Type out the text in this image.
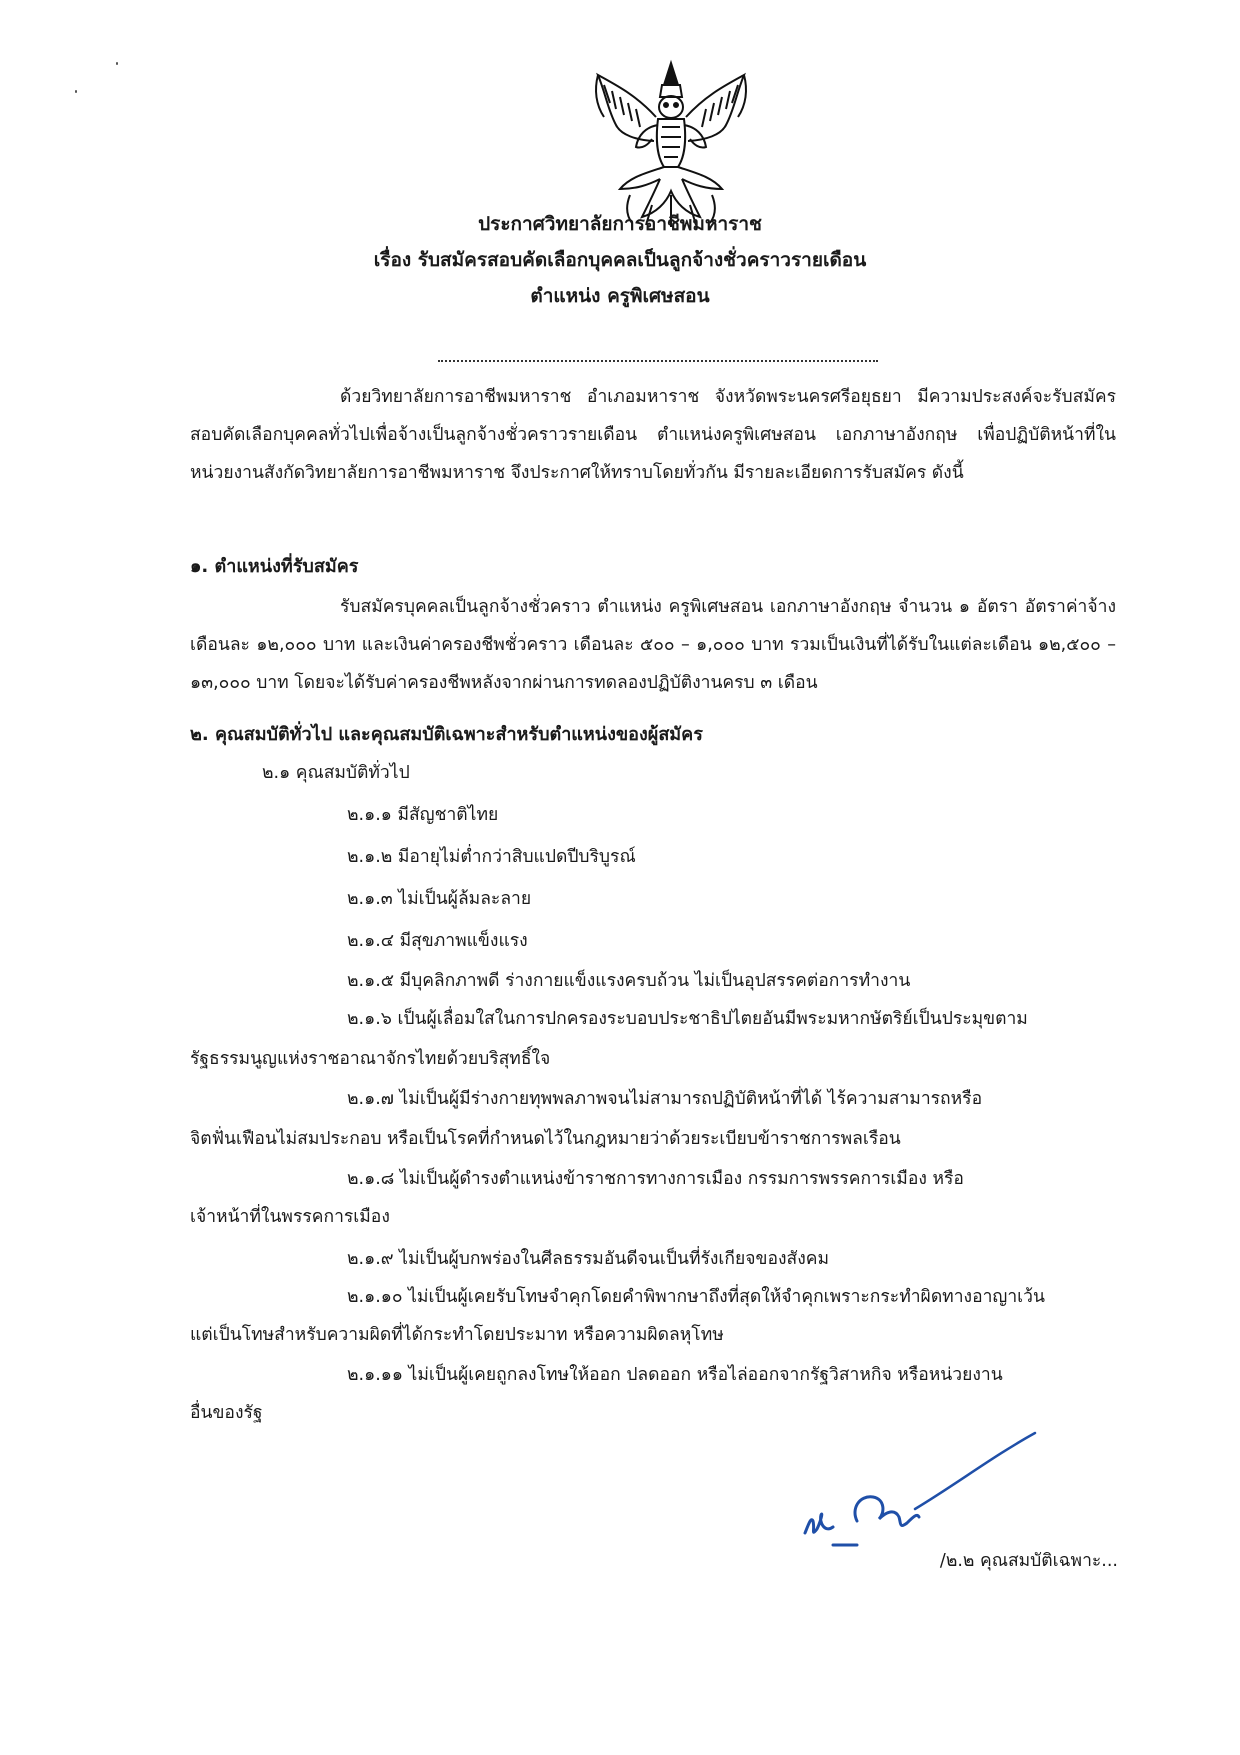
ประกาศวิทยาลัยการอาชีพมหาราช
เรื่อง รับสมัครสอบคัดเลือกบุคคลเป็นลูกจ้างชั่วคราวรายเดือน
ตำแหน่ง ครูพิเศษสอน
ด้วยวิทยาลัยการอาชีพมหาราช อำเภอมหาราช จังหวัดพระนครศรีอยุธยา มีความประสงค์จะรับสมัครสอบคัดเลือกบุคคลทั่วไปเพื่อจ้างเป็นลูกจ้างชั่วคราวรายเดือน ตำแหน่งครูพิเศษสอน เอกภาษาอังกฤษ เพื่อปฏิบัติหน้าที่ในหน่วยงานสังกัดวิทยาลัยการอาชีพมหาราช จึงประกาศให้ทราบโดยทั่วกัน มีรายละเอียดการรับสมัคร ดังนี้
๑. ตำแหน่งที่รับสมัคร
รับสมัครบุคคลเป็นลูกจ้างชั่วคราว ตำแหน่ง ครูพิเศษสอน เอกภาษาอังกฤษ จำนวน ๑ อัตรา อัตราค่าจ้างเดือนละ ๑๒,๐๐๐ บาท และเงินค่าครองชีพชั่วคราว เดือนละ ๕๐๐ – ๑,๐๐๐ บาท รวมเป็นเงินที่ได้รับในแต่ละเดือน ๑๒,๕๐๐ – ๑๓,๐๐๐ บาท โดยจะได้รับค่าครองชีพหลังจากผ่านการทดลองปฏิบัติงานครบ ๓ เดือน
๒. คุณสมบัติทั่วไป และคุณสมบัติเฉพาะสำหรับตำแหน่งของผู้สมัคร
๒.๑ คุณสมบัติทั่วไป
๒.๑.๑ มีสัญชาติไทย
๒.๑.๒ มีอายุไม่ต่ำกว่าสิบแปดปีบริบูรณ์
๒.๑.๓ ไม่เป็นผู้ล้มละลาย
๒.๑.๔ มีสุขภาพแข็งแรง
๒.๑.๕ มีบุคลิกภาพดี ร่างกายแข็งแรงครบถ้วน ไม่เป็นอุปสรรคต่อการทำงาน
๒.๑.๖ เป็นผู้เลื่อมใสในการปกครองระบอบประชาธิปไตยอันมีพระมหากษัตริย์เป็นประมุขตาม
รัฐธรรมนูญแห่งราชอาณาจักรไทยด้วยบริสุทธิ์ใจ
๒.๑.๗ ไม่เป็นผู้มีร่างกายทุพพลภาพจนไม่สามารถปฏิบัติหน้าที่ได้ ไร้ความสามารถหรือ
จิตฟั่นเฟือนไม่สมประกอบ หรือเป็นโรคที่กำหนดไว้ในกฎหมายว่าด้วยระเบียบข้าราชการพลเรือน
๒.๑.๘ ไม่เป็นผู้ดำรงตำแหน่งข้าราชการทางการเมือง กรรมการพรรคการเมือง หรือ
เจ้าหน้าที่ในพรรคการเมือง
๒.๑.๙ ไม่เป็นผู้บกพร่องในศีลธรรมอันดีจนเป็นที่รังเกียจของสังคม
๒.๑.๑๐ ไม่เป็นผู้เคยรับโทษจำคุกโดยคำพิพากษาถึงที่สุดให้จำคุกเพราะกระทำผิดทางอาญาเว้น
แต่เป็นโทษสำหรับความผิดที่ได้กระทำโดยประมาท หรือความผิดลหุโทษ
๒.๑.๑๑ ไม่เป็นผู้เคยถูกลงโทษให้ออก ปลดออก หรือไล่ออกจากรัฐวิสาหกิจ หรือหน่วยงาน
อื่นของรัฐ
/๒.๒ คุณสมบัติเฉพาะ...
